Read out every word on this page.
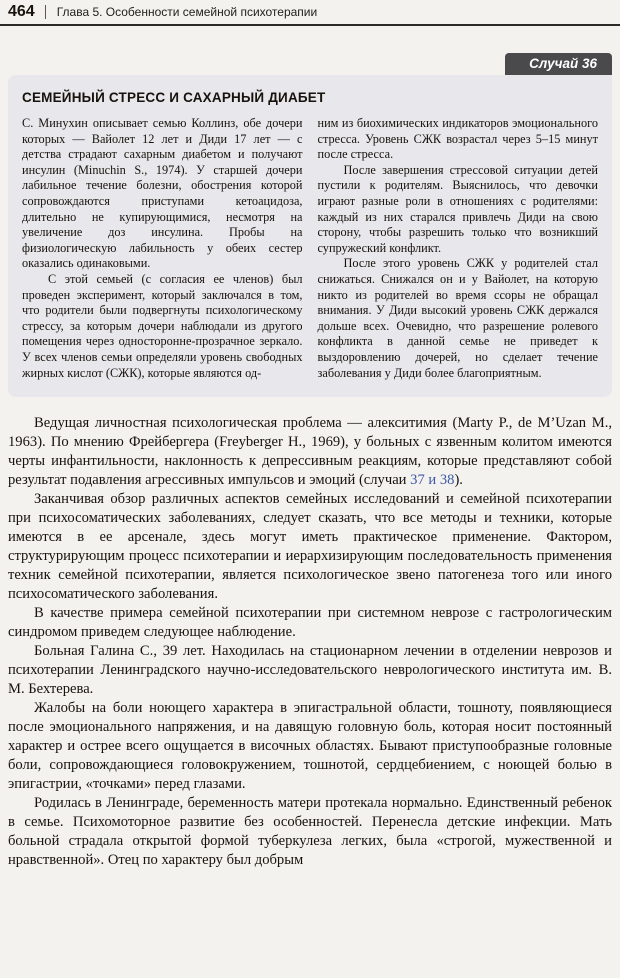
464	Глава 5. Особенности семейной психотерапии
Случай 36
СЕМЕЙНЫЙ СТРЕСС И САХАРНЫЙ ДИАБЕТ

С. Минухин описывает семью Коллинз, обе дочери которых — Вайолет 12 лет и Диди 17 лет — с детства страдают сахарным диабетом и получают инсулин (Minuchin S., 1974). У старшей дочери лабильное течение болезни, обострения которой сопровождаются приступами кетоацидоза, длительно не купирующимися, несмотря на увеличение доз инсулина. Пробы на физиологическую лабильность у обеих сестер оказались одинаковыми.

С этой семьей (с согласия ее членов) был проведен эксперимент, который заключался в том, что родители были подвергнуты психологическому стрессу, за которым дочери наблюдали из другого помещения через односторонне-прозрачное зеркало. У всех членов семьи определяли уровень свободных жирных кислот (СЖК), которые являются од-

ним из биохимических индикаторов эмоционального стресса. Уровень СЖК возрастал через 5–15 минут после стресса.

После завершения стрессовой ситуации детей пустили к родителям. Выяснилось, что девочки играют разные роли в отношениях с родителями: каждый из них старался привлечь Диди на свою сторону, чтобы разрешить только что возникший супружеский конфликт.

После этого уровень СЖК у родителей стал снижаться. Снижался он и у Вайолет, на которую никто из родителей во время ссоры не обращал внимания. У Диди высокий уровень СЖК держался дольше всех. Очевидно, что разрешение ролевого конфликта в данной семье не приведет к выздоровлению дочерей, но сделает течение заболевания у Диди более благоприятным.

Ведущая личностная психологическая проблема — алекситимия (Marty P., de M’Uzan M., 1963). По мнению Фрейбергера (Freyberger H., 1969), у больных с язвенным колитом имеются черты инфантильности, наклонность к депрессивным реакциям, которые представляют собой результат подавления агрессивных импульсов и эмоций (случаи 37 и 38).

Заканчивая обзор различных аспектов семейных исследований и семейной психотерапии при психосоматических заболеваниях, следует сказать, что все методы и техники, которые имеются в ее арсенале, здесь могут иметь практическое применение. Фактором, структурирующим процесс психотерапии и иерархизирующим последовательность применения техник семейной психотерапии, является психологическое звено патогенеза того или иного психосоматического заболевания.

В качестве примера семейной психотерапии при системном неврозе с гастрологическим синдромом приведем следующее наблюдение.

Больная Галина С., 39 лет. Находилась на стационарном лечении в отделении неврозов и психотерапии Ленинградского научно-исследовательского неврологического института им. В. М. Бехтерева.

Жалобы на боли ноющего характера в эпигастральной области, тошноту, появляющиеся после эмоционального напряжения, и на давящую головную боль, которая носит постоянный характер и острее всего ощущается в височных областях. Бывают приступообразные головные боли, сопровождающиеся головокружением, тошнотой, сердцебиением, с ноющей болью в эпигастрии, «точками» перед глазами.

Родилась в Ленинграде, беременность матери протекала нормально. Единственный ребенок в семье. Психомоторное развитие без особенностей. Перенесла детские инфекции. Мать больной страдала открытой формой туберкулеза легких, была «строгой, мужественной и нравственной». Отец по характеру был добрым
